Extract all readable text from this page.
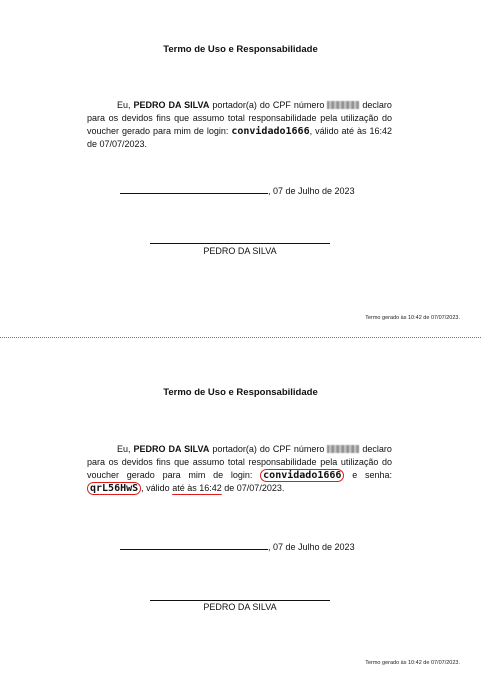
Termo de Uso e Responsabilidade
Eu, PEDRO DA SILVA portador(a) do CPF número	declaro para os devidos fins que assumo total responsabilidade pela utilização do voucher gerado para mim de login: convidado1666, válido até às 16:42 de 07/07/2023.
, 07 de Julho de 2023
PEDRO DA SILVA
Termo gerado às 10:42 de 07/07/2023.
Termo de Uso e Responsabilidade
Eu, PEDRO DA SILVA portador(a) do CPF número	declaro para os devidos fins que assumo total responsabilidade pela utilização do voucher gerado para mim de login: convidado1666 e senha: qrL56HwS , válido até às 16:42 de 07/07/2023.
, 07 de Julho de 2023
PEDRO DA SILVA
Termo gerado às 10:42 de 07/07/2023.
